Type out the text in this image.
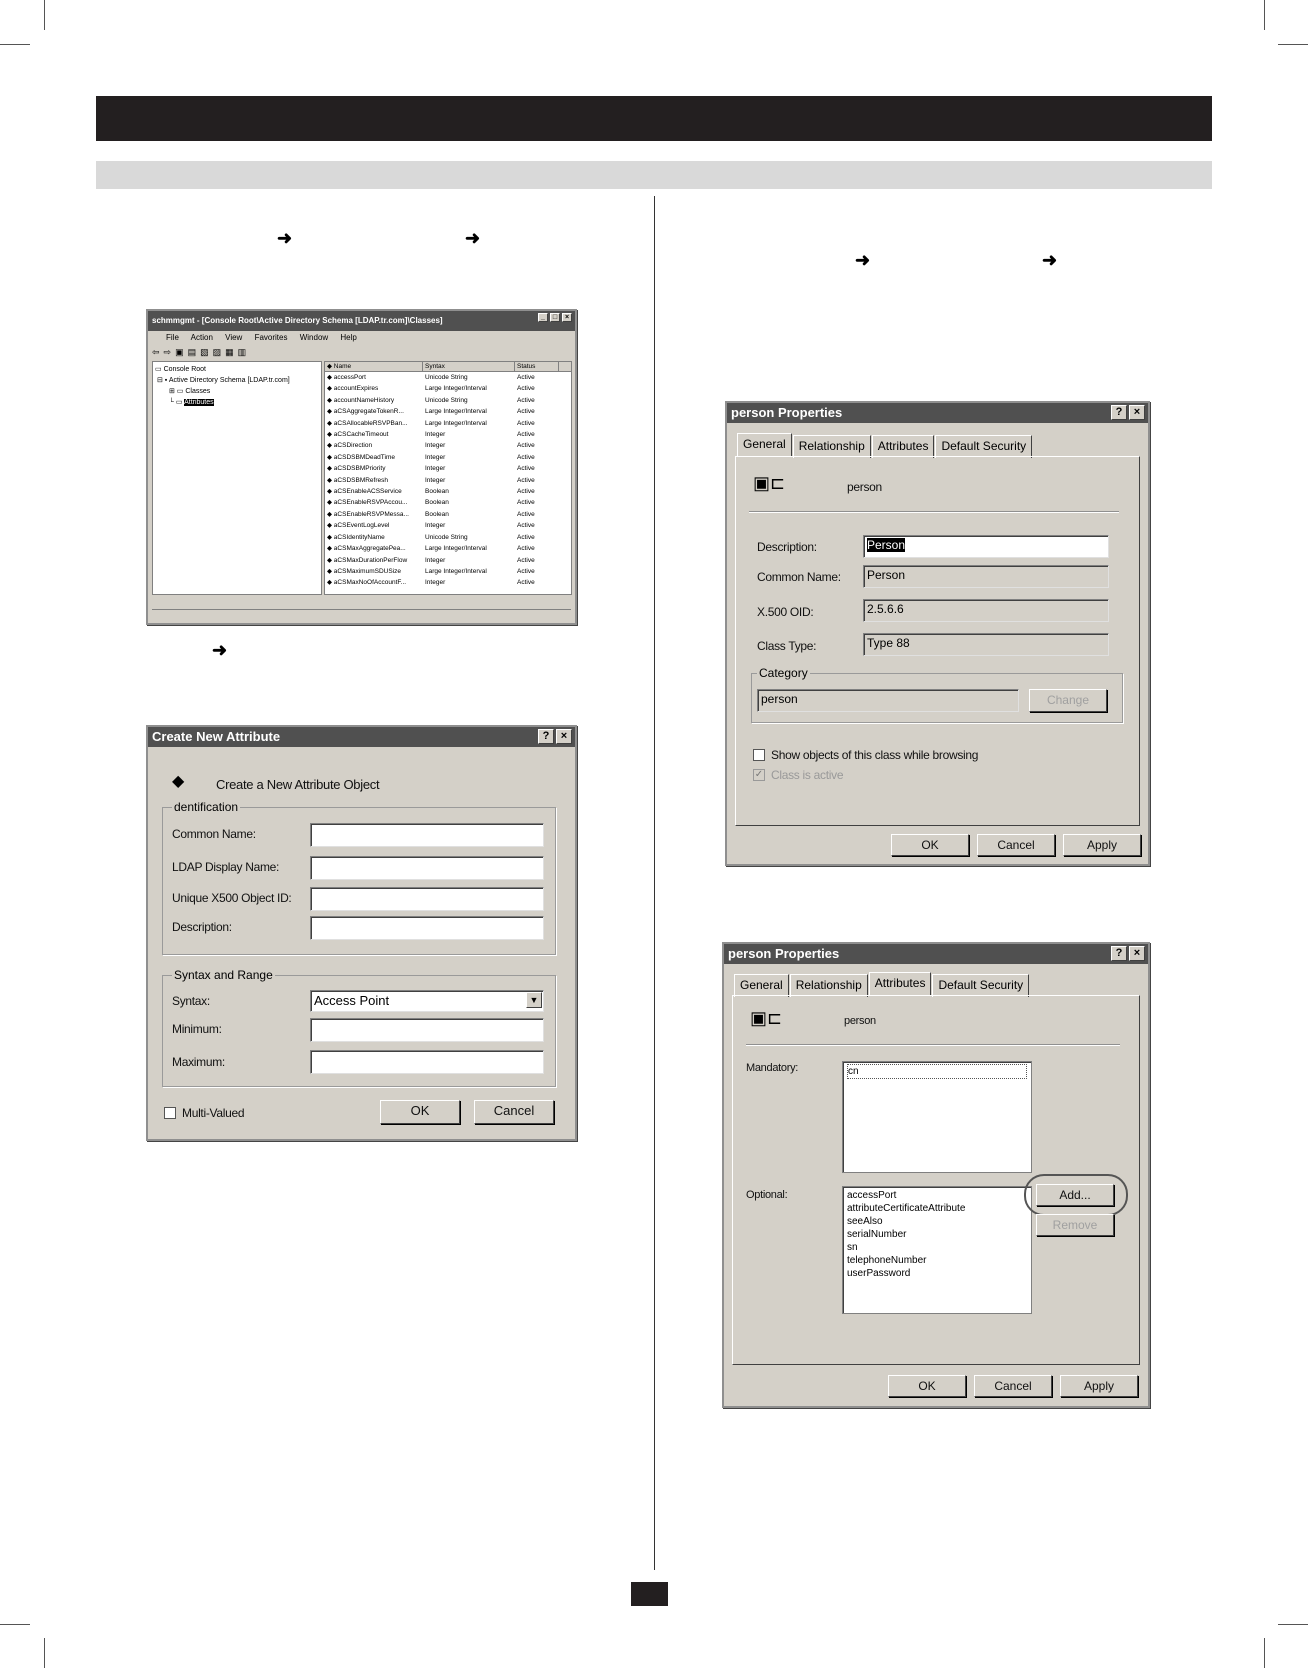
➜	➜
➜
➜	➜
schmmgmt - [Console Root\Active Directory Schema [LDAP.tr.com]\Classes]	_	□	×
File Action View Favorites Window Help
⇦⇨▣▤▧▨▦▥
▭ Console Root
⊟ ▪ Active Directory Schema [LDAP.tr.com]
⊞ ▭ Classes
└ ▭ Attributes
◆ Name	Syntax	Status
◆ accessPort	Unicode String	Active
◆ accountExpires	Large Integer/Interval	Active
◆ accountNameHistory	Unicode String	Active
◆ aCSAggregateTokenR...	Large Integer/Interval	Active
◆ aCSAllocableRSVPBan...	Large Integer/Interval	Active
◆ aCSCacheTimeout	Integer	Active
◆ aCSDirection	Integer	Active
◆ aCSDSBMDeadTime	Integer	Active
◆ aCSDSBMPriority	Integer	Active
◆ aCSDSBMRefresh	Integer	Active
◆ aCSEnableACSService	Boolean	Active
◆ aCSEnableRSVPAccou...	Boolean	Active
◆ aCSEnableRSVPMessa...	Boolean	Active
◆ aCSEventLogLevel	Integer	Active
◆ aCSIdentityName	Unicode String	Active
◆ aCSMaxAggregatePea...	Large Integer/Interval	Active
◆ aCSMaxDurationPerFlow	Integer	Active
◆ aCSMaximumSDUSize	Large Integer/Interval	Active
◆ aCSMaxNoOfAccountF...	Integer	Active
Create New Attribute	?	×
◆ Create a New Attribute Object
dentification
Common Name:
LDAP Display Name:
Unique X500 Object ID:
Description:
Syntax and Range
Syntax:	Access Point	▼
Minimum:
Maximum:
Multi-Valued	OK	Cancel
person Properties	?	×
General	Relationship	Attributes	Default Security
▣⊏	person
Description:	Person
Common Name:	Person
X.500 OID:	2.5.6.6
Class Type:	Type 88
Category
person	Change
Show objects of this class while browsing
✓ Class is active
OK	Cancel	Apply
person Properties	?	×
General	Relationship	Attributes	Default Security
▣⊏	person
Mandatory:	cn
Optional:	accessPort
attributeCertificateAttribute
seeAlso
serialNumber
sn
telephoneNumber
userPassword
Add...
Remove
OK	Cancel	Apply
